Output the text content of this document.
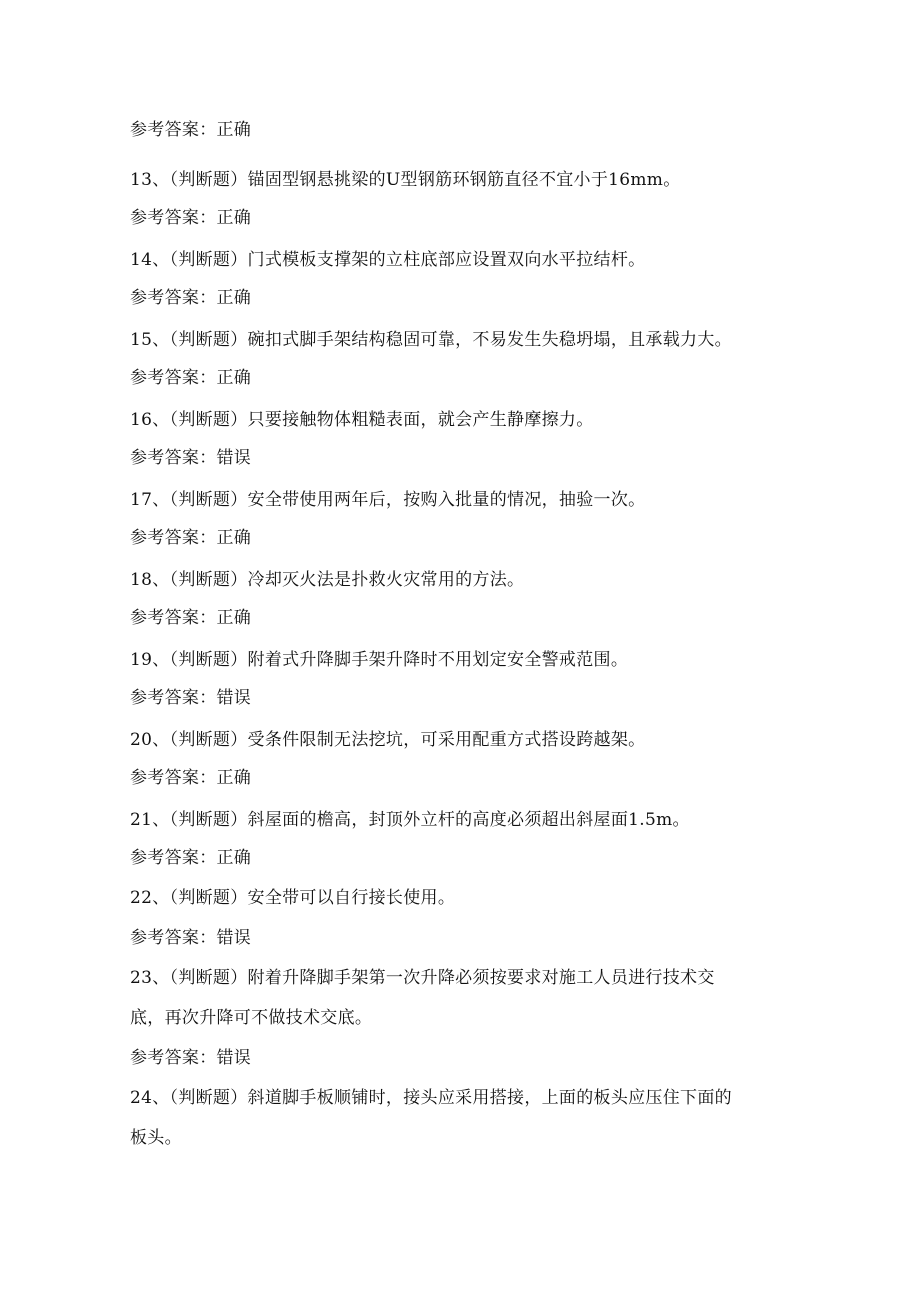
参考答案：正确
13、（判断题）锚固型钢悬挑梁的U型钢筋环钢筋直径不宜小于16mm。
参考答案：正确
14、（判断题）门式模板支撑架的立柱底部应设置双向水平拉结杆。
参考答案：正确
15、（判断题）碗扣式脚手架结构稳固可靠，不易发生失稳坍塌，且承载力大。
参考答案：正确
16、（判断题）只要接触物体粗糙表面，就会产生静摩擦力。
参考答案：错误
17、（判断题）安全带使用两年后，按购入批量的情况，抽验一次。
参考答案：正确
18、（判断题）冷却灭火法是扑救火灾常用的方法。
参考答案：正确
19、（判断题）附着式升降脚手架升降时不用划定安全警戒范围。
参考答案：错误
20、（判断题）受条件限制无法挖坑，可采用配重方式搭设跨越架。
参考答案：正确
21、（判断题）斜屋面的檐高，封顶外立杆的高度必须超出斜屋面1.5m。
参考答案：正确
22、（判断题）安全带可以自行接长使用。
参考答案：错误
23、（判断题）附着升降脚手架第一次升降必须按要求对施工人员进行技术交
底，再次升降可不做技术交底。
参考答案：错误
24、（判断题）斜道脚手板顺铺时，接头应采用搭接，上面的板头应压住下面的
板头。
